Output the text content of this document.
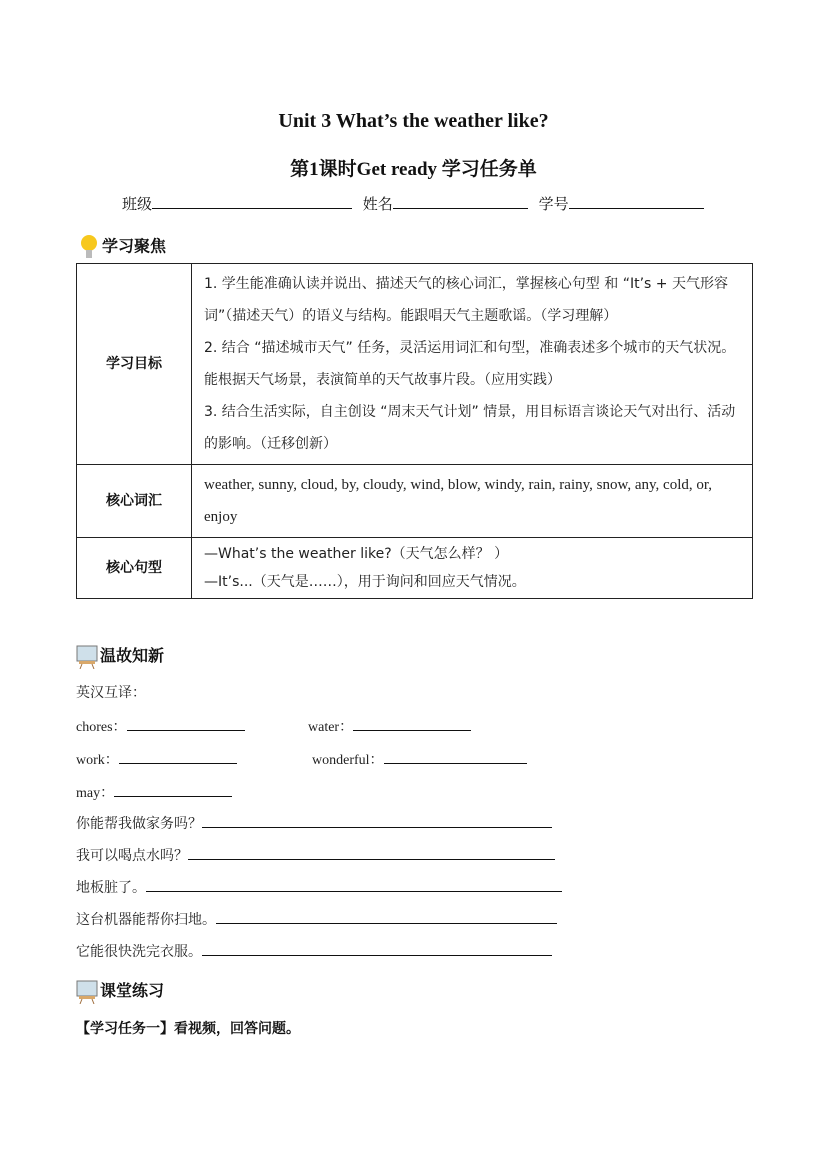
Unit 3 What’s the weather like?
第1课时Get ready 学习任务单
班级	姓名	学号
学习聚焦
学习目标	1. 学生能准确认读并说出、描述天气的核心词汇，掌握核心句型 和 “It’s + 天气形容词”（描述天气）的语义与结构。能跟唱天气主题歌谣。（学习理解）
2. 结合 “描述城市天气” 任务，灵活运用词汇和句型，准确表述多个城市的天气状况。能根据天气场景，表演简单的天气故事片段。（应用实践）
3. 结合生活实际，自主创设 “周末天气计划” 情景，用目标语言谈论天气对出行、活动的影响。（迁移创新）

核心词汇	weather, sunny, cloud, by, cloudy, wind, blow, windy, rain, rainy, snow, any, cold, or, enjoy
核心句型	—What’s the weather like?（天气怎么样？ ）
—It’s...（天气是……），用于询问和回应天气情况。
温故知新
英汉互译：
chores：	water：
work：	wonderful：
may：
你能帮我做家务吗？
我可以喝点水吗？
地板脏了。
这台机器能帮你扫地。
它能很快洗完衣服。
课堂练习
【学习任务一】看视频，回答问题。
